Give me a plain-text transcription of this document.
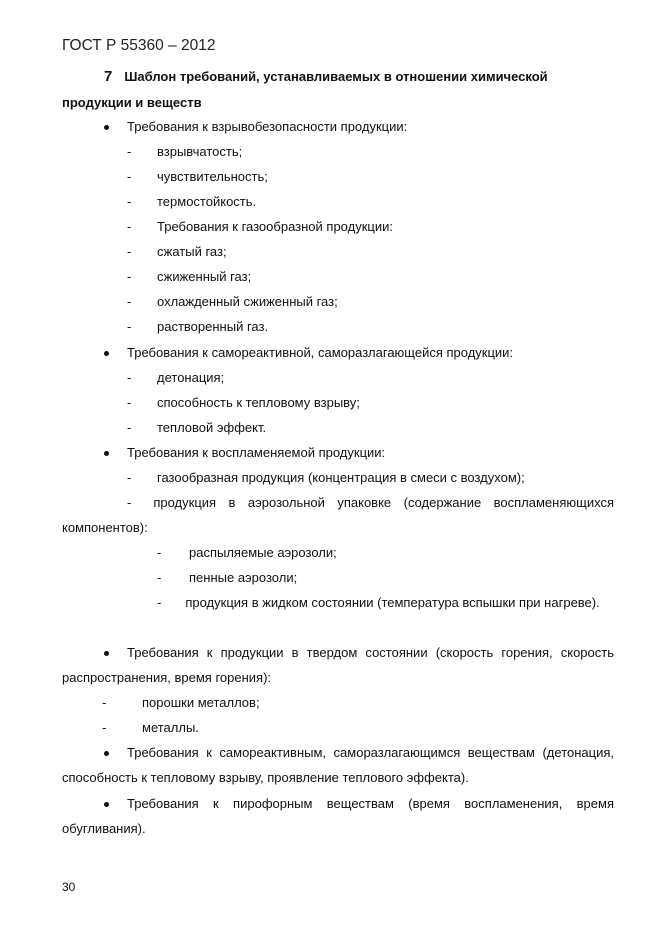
ГОСТ Р 55360 – 2012
7 Шаблон требований, устанавливаемых в отношении химической продукции и веществ
Требования к взрывобезопасности продукции:
- взрывчатость;
- чувствительность;
- термостойкость.
- Требования к газообразной продукции:
- сжатый газ;
- сжиженный газ;
- охлажденный сжиженный газ;
- растворенный газ.
Требования к самореактивной, саморазлагающейся продукции:
- детонация;
- способность к тепловому взрыву;
- тепловой эффект.
Требования к воспламеняемой продукции:
- газообразная продукция (концентрация в смеси с воздухом);
- продукция в аэрозольной упаковке (содержание воспламеняющихся компонентов):
- распыляемые аэрозоли;
- пенные аэрозоли;
- продукция в жидком состоянии (температура вспышки при нагреве).
Требования к продукции в твердом состоянии (скорость горения, скорость распространения, время горения):
-	порошки металлов;
-	металлы.
Требования к самореактивным, саморазлагающимся веществам (детонация, способность к тепловому взрыву, проявление теплового эффекта).
Требования к пирофорным веществам (время воспламенения, время обугливания).
30
